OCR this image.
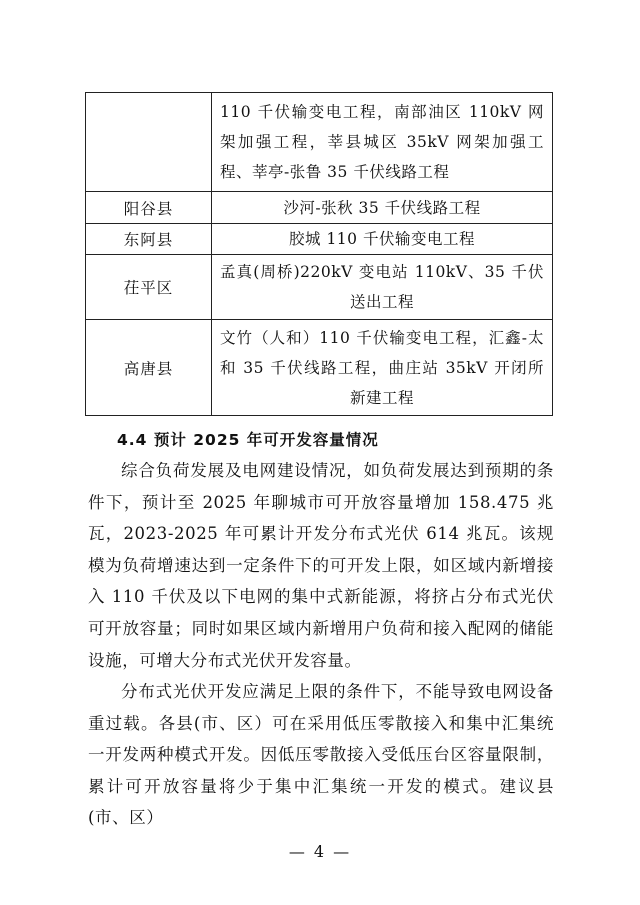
	110 千伏输变电工程，南部油区 110kV 网架加强工程，莘县城区 35kV 网架加强工程、莘亭-张鲁 35 千伏线路工程
阳谷县	沙河-张秋 35 千伏线路工程
东阿县	胶城 110 千伏输变电工程
茌平区	孟真(周桥)220kV 变电站 110kV、35 千伏送出工程
高唐县	文竹（人和）110 千伏输变电工程，汇鑫-太和 35 千伏线路工程，曲庄站 35kV 开闭所新建工程
4.4 预计 2025 年可开发容量情况

综合负荷发展及电网建设情况，如负荷发展达到预期的条件下，预计至 2025 年聊城市可开放容量增加 158.475 兆瓦，2023-2025 年可累计开发分布式光伏 614 兆瓦。该规模为负荷增速达到一定条件下的可开发上限，如区域内新增接入 110 千伏及以下电网的集中式新能源，将挤占分布式光伏可开放容量；同时如果区域内新增用户负荷和接入配网的储能设施，可增大分布式光伏开发容量。

分布式光伏开发应满足上限的条件下，不能导致电网设备重过载。各县(市、区）可在采用低压零散接入和集中汇集统一开发两种模式开发。因低压零散接入受低压台区容量限制，累计可开放容量将少于集中汇集统一开发的模式。建议县(市、区）

— 4 —
